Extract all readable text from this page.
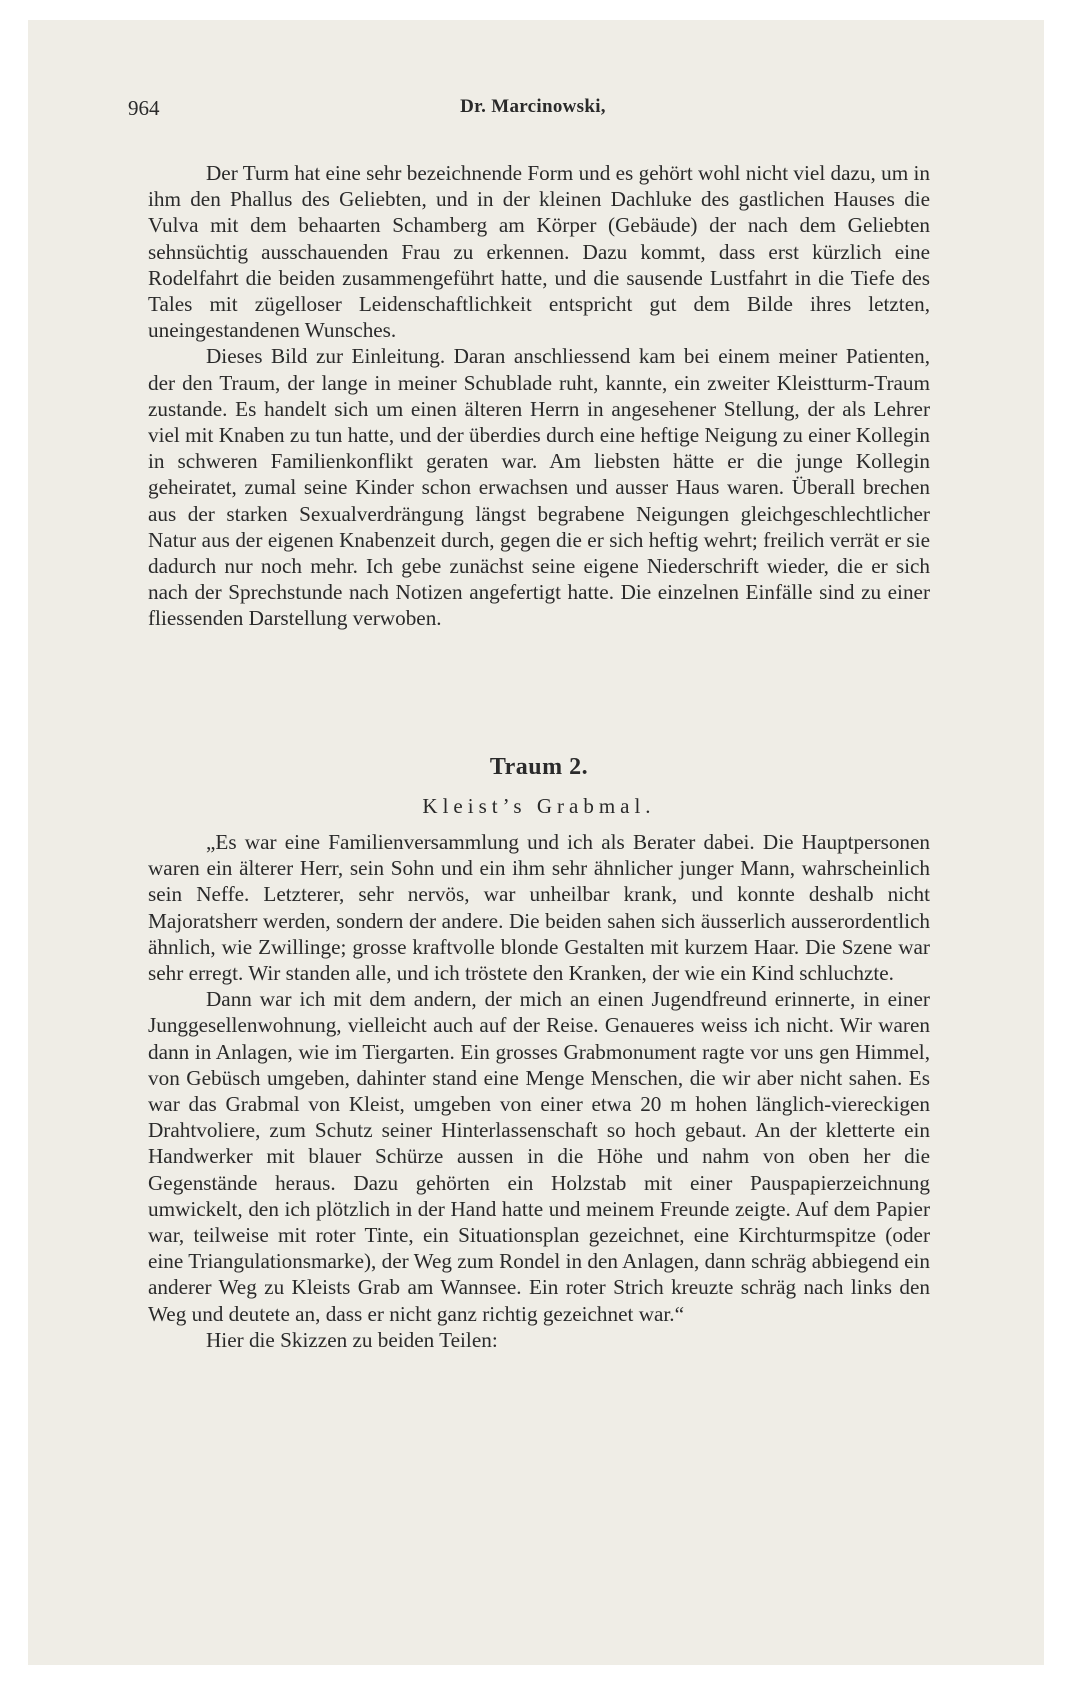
964	Dr. Marcinowski,

Der Turm hat eine sehr bezeichnende Form und es gehört wohl nicht viel dazu, um in ihm den Phallus des Geliebten, und in der kleinen Dachluke des gastlichen Hauses die Vulva mit dem behaarten Schamberg am Körper (Gebäude) der nach dem Geliebten sehnsüchtig ausschauenden Frau zu erkennen. Dazu kommt, dass erst kürzlich eine Rodelfahrt die beiden zusammengeführt hatte, und die sausende Lustfahrt in die Tiefe des Tales mit zügelloser Leidenschaftlichkeit entspricht gut dem Bilde ihres letzten, uneingestandenen Wunsches.

Dieses Bild zur Einleitung. Daran anschliessend kam bei einem meiner Patienten, der den Traum, der lange in meiner Schublade ruht, kannte, ein zweiter Kleistturm-Traum zustande. Es handelt sich um einen älteren Herrn in angesehener Stellung, der als Lehrer viel mit Knaben zu tun hatte, und der überdies durch eine heftige Neigung zu einer Kollegin in schweren Familienkonflikt geraten war. Am liebsten hätte er die junge Kollegin geheiratet, zumal seine Kinder schon erwachsen und ausser Haus waren. Überall brechen aus der starken Sexualverdrängung längst begrabene Neigungen gleichgeschlechtlicher Natur aus der eigenen Knabenzeit durch, gegen die er sich heftig wehrt; freilich verrät er sie dadurch nur noch mehr. Ich gebe zunächst seine eigene Niederschrift wieder, die er sich nach der Sprechstunde nach Notizen angefertigt hatte. Die einzelnen Einfälle sind zu einer fliessenden Darstellung verwoben.

Traum 2.
Kleist’s Grabmal.

„Es war eine Familienversammlung und ich als Berater dabei. Die Hauptpersonen waren ein älterer Herr, sein Sohn und ein ihm sehr ähnlicher junger Mann, wahrscheinlich sein Neffe. Letzterer, sehr nervös, war unheilbar krank, und konnte deshalb nicht Majoratsherr werden, sondern der andere. Die beiden sahen sich äusserlich ausserordentlich ähnlich, wie Zwillinge; grosse kraftvolle blonde Gestalten mit kurzem Haar. Die Szene war sehr erregt. Wir standen alle, und ich tröstete den Kranken, der wie ein Kind schluchzte.

Dann war ich mit dem andern, der mich an einen Jugendfreund erinnerte, in einer Junggesellenwohnung, vielleicht auch auf der Reise. Genaueres weiss ich nicht. Wir waren dann in Anlagen, wie im Tiergarten. Ein grosses Grabmonument ragte vor uns gen Himmel, von Gebüsch umgeben, dahinter stand eine Menge Menschen, die wir aber nicht sahen. Es war das Grabmal von Kleist, umgeben von einer etwa 20 m hohen länglich-viereckigen Drahtvoliere, zum Schutz seiner Hinterlassenschaft so hoch gebaut. An der kletterte ein Handwerker mit blauer Schürze aussen in die Höhe und nahm von oben her die Gegenstände heraus. Dazu gehörten ein Holzstab mit einer Pauspapierzeichnung umwickelt, den ich plötzlich in der Hand hatte und meinem Freunde zeigte. Auf dem Papier war, teilweise mit roter Tinte, ein Situationsplan gezeichnet, eine Kirchturmspitze (oder eine Triangulationsmarke), der Weg zum Rondel in den Anlagen, dann schräg abbiegend ein anderer Weg zu Kleists Grab am Wannsee. Ein roter Strich kreuzte schräg nach links den Weg und deutete an, dass er nicht ganz richtig gezeichnet war.“

Hier die Skizzen zu beiden Teilen:
